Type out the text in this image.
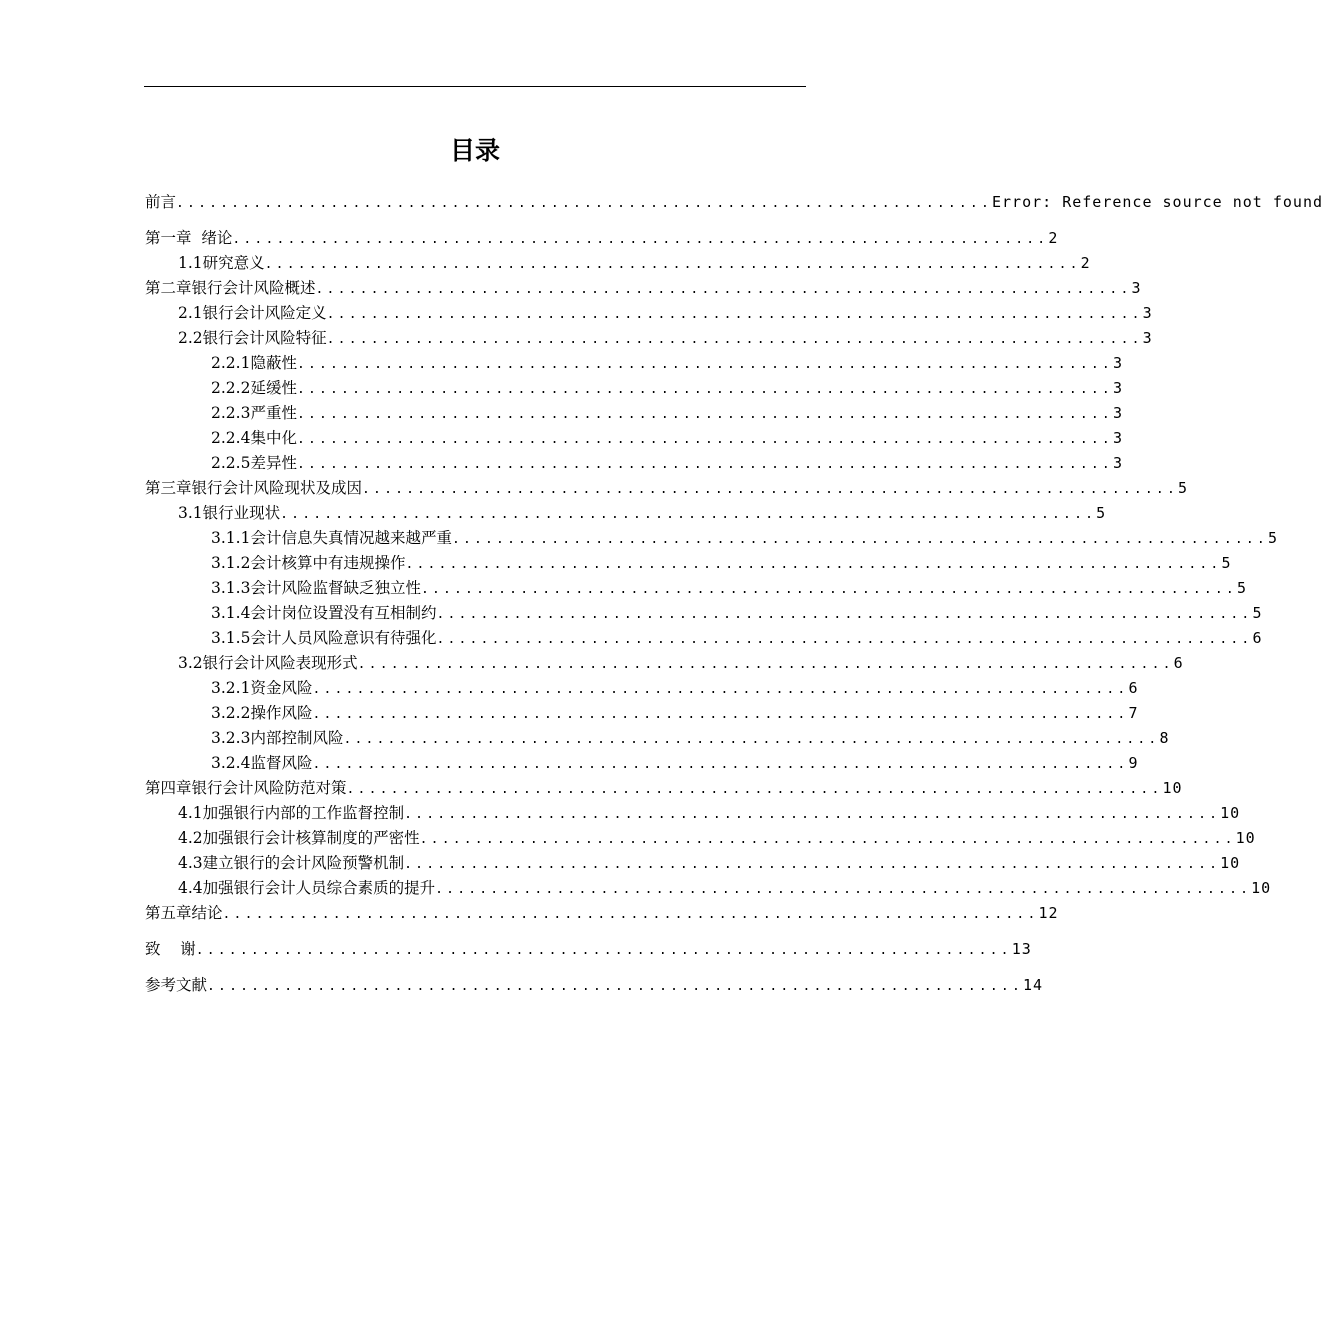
目录
前言 .......................................................................... Error: Reference source not found
第一章  绪论 .......................................................................... 2
1.1研究意义 .......................................................................... 2
第二章银行会计风险概述 .......................................................................... 3
2.1银行会计风险定义 .......................................................................... 3
2.2银行会计风险特征 .......................................................................... 3
2.2.1隐蔽性 .......................................................................... 3
2.2.2延缓性 .......................................................................... 3
2.2.3严重性 .......................................................................... 3
2.2.4集中化 .......................................................................... 3
2.2.5差异性 .......................................................................... 3
第三章银行会计风险现状及成因 .......................................................................... 5
3.1银行业现状 .......................................................................... 5
3.1.1会计信息失真情况越来越严重 .......................................................................... 5
3.1.2会计核算中有违规操作 .......................................................................... 5
3.1.3会计风险监督缺乏独立性 .......................................................................... 5
3.1.4会计岗位设置没有互相制约 .......................................................................... 5
3.1.5会计人员风险意识有待强化 .......................................................................... 6
3.2银行会计风险表现形式 .......................................................................... 6
3.2.1资金风险 .......................................................................... 6
3.2.2操作风险 .......................................................................... 7
3.2.3内部控制风险 .......................................................................... 8
3.2.4监督风险 .......................................................................... 9
第四章银行会计风险防范对策 .......................................................................... 10
4.1加强银行内部的工作监督控制 .......................................................................... 10
4.2加强银行会计核算制度的严密性 .......................................................................... 10
4.3建立银行的会计风险预警机制 .......................................................................... 10
4.4加强银行会计人员综合素质的提升 .......................................................................... 10
第五章结论 .......................................................................... 12
致    谢 .......................................................................... 13
参考文献 .......................................................................... 14
